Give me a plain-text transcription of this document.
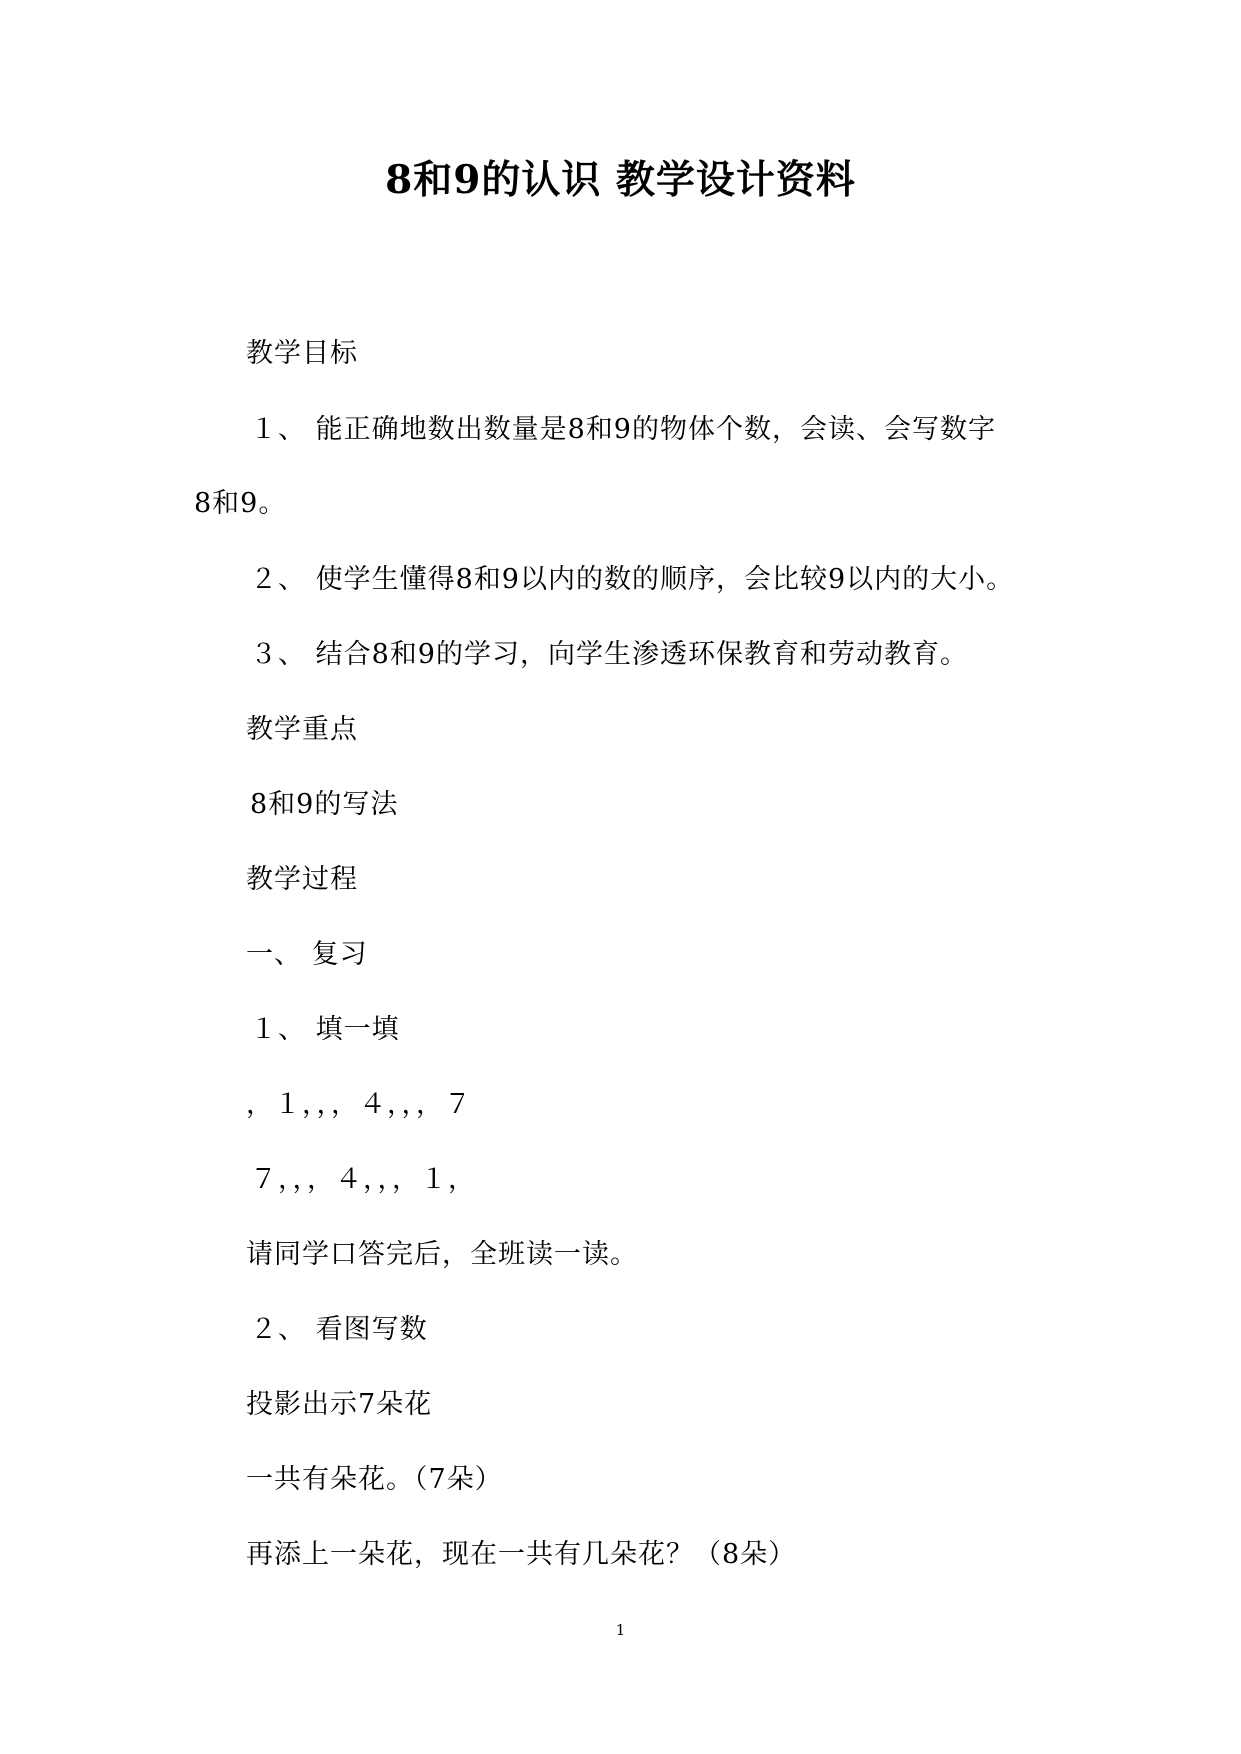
8和9的认识 教学设计资料
教学目标
１、 能正确地数出数量是8和9的物体个数，会读、会写数字
8和9。
２、 使学生懂得8和9以内的数的顺序，会比较9以内的大小。
３、 结合8和9的学习，向学生渗透环保教育和劳动教育。
教学重点
8和9的写法
教学过程
一、 复习
１、 填一填
，１，，，４，，，７
７，，，４，，，１，
请同学口答完后，全班读一读。
２、 看图写数
投影出示7朵花
一共有朵花。（7朵）
再添上一朵花，现在一共有几朵花？（8朵）
1
